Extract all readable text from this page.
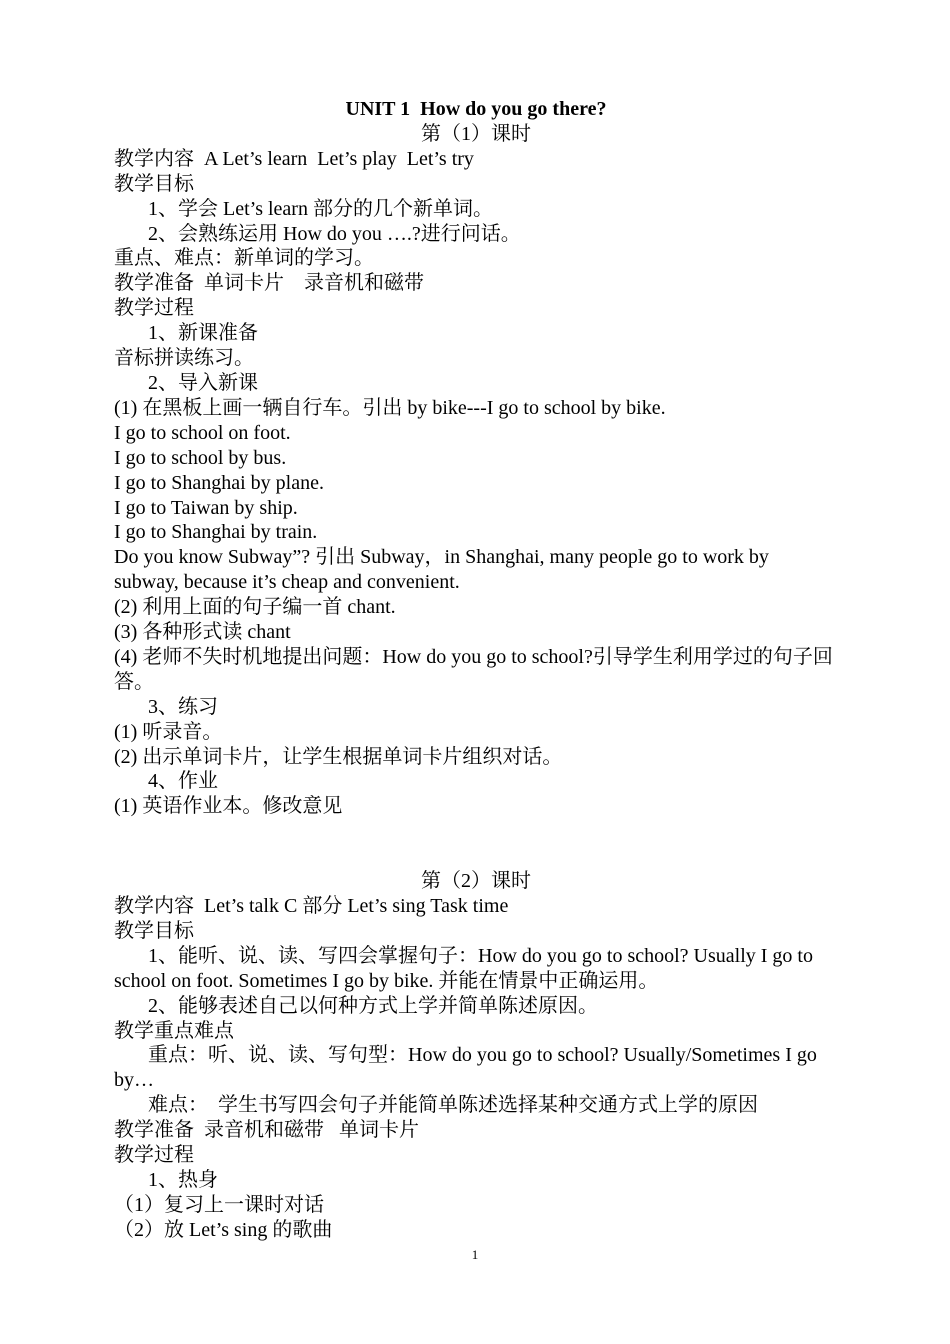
UNIT 1  How do you go there?
第（1）课时
教学内容  A Let’s learn  Let’s play  Let’s try
教学目标
1、学会 Let’s learn 部分的几个新单词。
2、会熟练运用 How do you ….?进行问话。
重点、难点：新单词的学习。
教学准备  单词卡片    录音机和磁带
教学过程
1、新课准备
音标拼读练习。
2、导入新课
(1) 在黑板上画一辆自行车。引出 by bike---I go to school by bike.
I go to school on foot.
I go to school by bus.
I go to Shanghai by plane.
I go to Taiwan by ship.
I go to Shanghai by train.
Do you know Subway”? 引出 Subway，in Shanghai, many people go to work by subway, because it’s cheap and convenient.
(2) 利用上面的句子编一首 chant.
(3) 各种形式读 chant
(4) 老师不失时机地提出问题：How do you go to school?引导学生利用学过的句子回答。
3、练习
(1) 听录音。
(2) 出示单词卡片，让学生根据单词卡片组织对话。
4、作业
(1) 英语作业本。修改意见
第（2）课时
教学内容  Let’s talk C 部分 Let’s sing Task time
教学目标
1、能听、说、读、写四会掌握句子：How do you go to school? Usually I go to school on foot. Sometimes I go by bike. 并能在情景中正确运用。
2、能够表述自己以何种方式上学并简单陈述原因。
教学重点难点
重点：听、说、读、写句型：How do you go to school? Usually/Sometimes I go by…
难点：  学生书写四会句子并能简单陈述选择某种交通方式上学的原因
教学准备  录音机和磁带   单词卡片
教学过程
1、热身
（1）复习上一课时对话
（2）放 Let’s sing 的歌曲
1
